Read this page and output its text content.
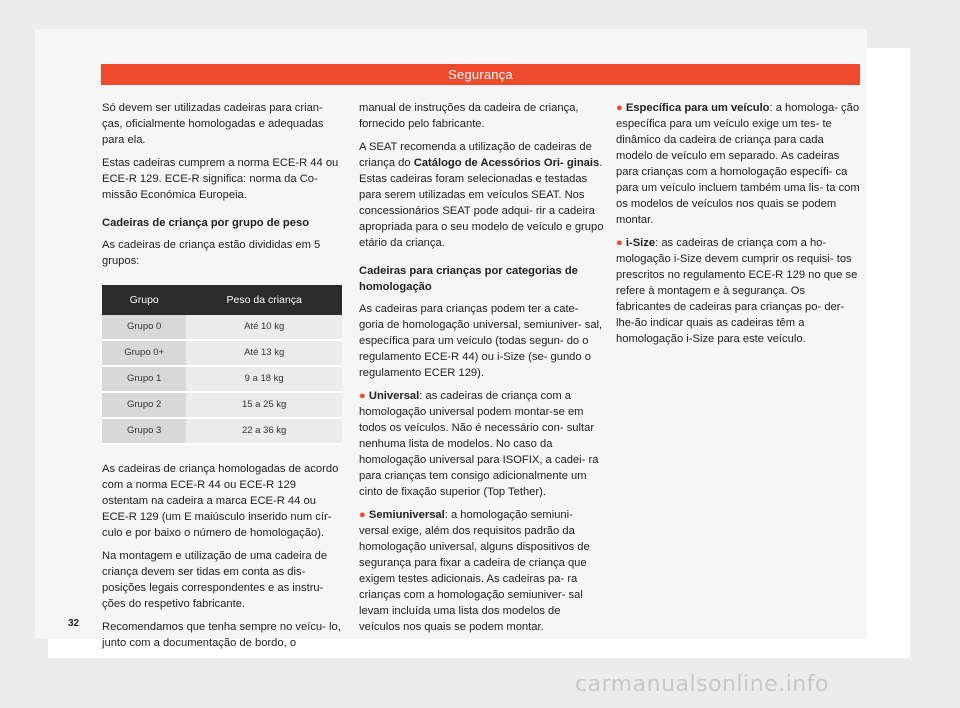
Segurança

Só devem ser utilizadas cadeiras para crian- ças, oficialmente homologadas e adequadas para ela.

Estas cadeiras cumprem a norma ECE-R 44 ou ECE-R 129. ECE-R significa: norma da Co- missão Económica Europeia.

Cadeiras de criança por grupo de peso

As cadeiras de criança estão divididas em 5 grupos:

Grupo	Peso da criança
Grupo 0	Até 10 kg
Grupo 0+	Até 13 kg
Grupo 1	9 a 18 kg
Grupo 2	15 a 25 kg
Grupo 3	22 a 36 kg

As cadeiras de criança homologadas de acordo com a norma ECE-R 44 ou ECE-R 129 ostentam na cadeira a marca ECE-R 44 ou ECE-R 129 (um E maiúsculo inserido num cír- culo e por baixo o número de homologação).

Na montagem e utilização de uma cadeira de criança devem ser tidas em conta as dis- posições legais correspondentes e as instru- ções do respetivo fabricante.

Recomendamos que tenha sempre no veícu- lo, junto com a documentação de bordo, o

manual de instruções da cadeira de criança, fornecido pelo fabricante.

A SEAT recomenda a utilização de cadeiras de criança do Catálogo de Acessórios Ori- ginais. Estas cadeiras foram selecionadas e testadas para serem utilizadas em veículos SEAT. Nos concessionários SEAT pode adqui- rir a cadeira apropriada para o seu modelo de veículo e grupo etário da criança.

Cadeiras para crianças por categorias de homologação

As cadeiras para crianças podem ter a cate- goria de homologação universal, semiuniver- sal, específica para um veículo (todas segun- do o regulamento ECE-R 44) ou i-Size (se- gundo o regulamento ECER 129).

● Universal: as cadeiras de criança com a homologação universal podem montar-se em todos os veículos. Não é necessário con- sultar nenhuma lista de modelos. No caso da homologação universal para ISOFIX, a cadei- ra para crianças tem consigo adicionalmente um cinto de fixação superior (Top Tether).

● Semiuniversal: a homologação semiuni- versal exige, além dos requisitos padrão da homologação universal, alguns dispositivos de segurança para fixar a cadeira de criança que exigem testes adicionais. As cadeiras pa- ra crianças com a homologação semiuniver- sal levam incluída uma lista dos modelos de veículos nos quais se podem montar.

● Específica para um veículo: a homologa- ção específica para um veículo exige um tes- te dinâmico da cadeira de criança para cada modelo de veículo em separado. As cadeiras para crianças com a homologação específi- ca para um veículo incluem também uma lis- ta com os modelos de veículos nos quais se podem montar.

● i-Size: as cadeiras de criança com a ho- mologação i-Size devem cumprir os requisi- tos prescritos no regulamento ECE-R 129 no que se refere à montagem e à segurança. Os fabricantes de cadeiras para crianças po- der-lhe-ão indicar quais as cadeiras têm a homologação i-Size para este veículo.

32
carmanualsonline.info
